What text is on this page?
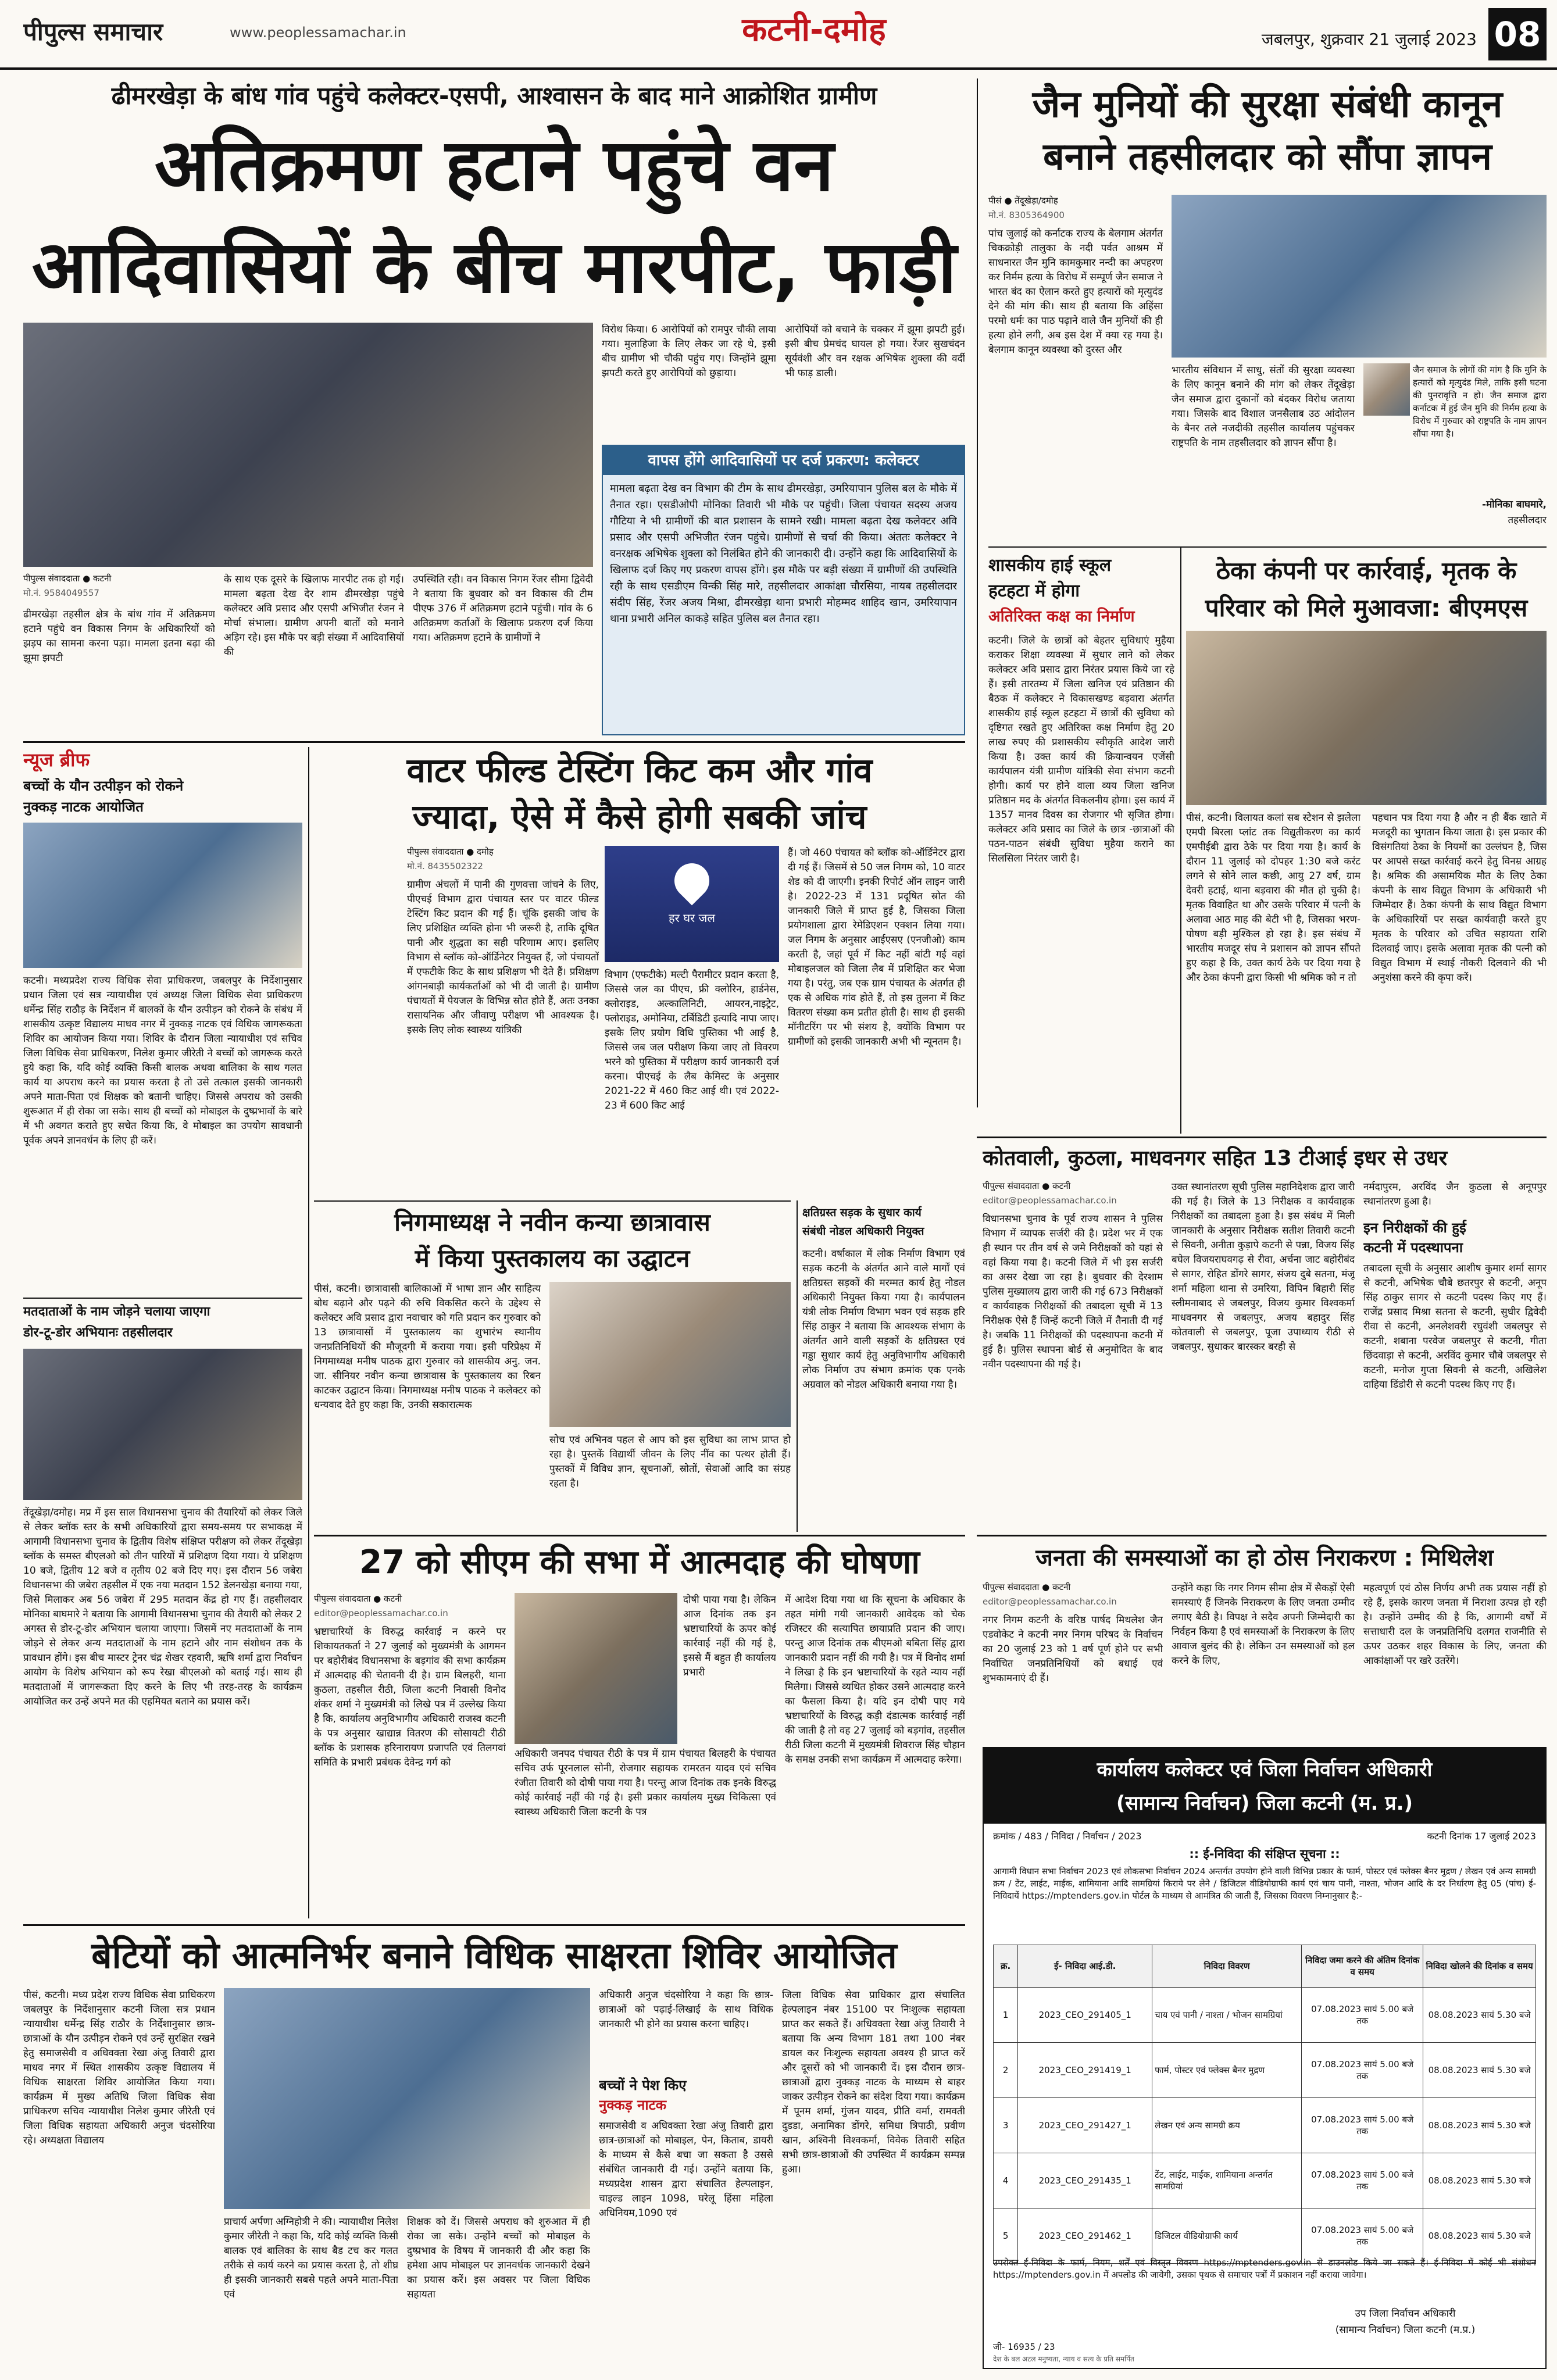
पीपुल्स समाचार	www.peoplessamachar.in	कटनी-दमोह	जबलपुर, शुक्रवार 21 जुलाई 2023 08
ढीमरखेड़ा के बांध गांव पहुंचे कलेक्टर-एसपी, आश्वासन के बाद माने आक्रोशित ग्रामीण
अतिक्रमण हटाने पहुंचे वन
आदिवासियों के बीच मारपीट, फाड़ी
पीपुल्स संवाददाता ● कटनी
मो.नं. 9584049557
ढीमरखेड़ा तहसील क्षेत्र के बांध गांव में अतिक्रमण हटाने पहुंचे वन विकास निगम के अधिकारियों को झड़प का सामना करना पड़ा। मामला इतना बढ़ा की झूमा झपटी
के साथ एक दूसरे के खिलाफ मारपीट तक हो गई। मामला बढ़ता देख देर शाम ढीमरखेड़ा पहुंचे कलेक्टर अवि प्रसाद और एसपी अभिजीत रंजन ने मोर्चा संभाला। ग्रामीण अपनी बातों को मनाने अड़िग रहे। इस मौके पर बड़ी संख्या में आदिवासियों की
उपस्थिति रही। वन विकास निगम रेंजर सीमा द्विवेदी ने बताया कि बुधवार को वन विकास की टीम पीएफ 376 में अतिक्रमण हटाने पहुंची। गांव के 6 अतिक्रमण कर्ताओं के खिलाफ प्रकरण दर्ज किया गया। अतिक्रमण हटाने के ग्रामीणों ने
विरोध किया। 6 आरोपियों को रामपुर चौकी लाया गया। मुलाहिजा के लिए लेकर जा रहे थे, इसी बीच ग्रामीण भी चौकी पहुंच गए। जिन्होंने झूमा झपटी करते हुए आरोपियों को छुड़ाया।
आरोपियों को बचाने के चक्कर में झूमा झपटी हुई। इसी बीच प्रेमचंद घायल हो गया। रेंजर सुखचंदन सूर्यवंशी और वन रक्षक अभिषेक शुक्ला की वर्दी भी फाड़ डाली।
वापस होंगे आदिवासियों पर दर्ज प्रकरण: कलेक्टर
मामला बढ़ता देख वन विभाग की टीम के साथ ढीमरखेड़ा, उमरियापान पुलिस बल के मौके में तैनात रहा। एसडीओपी मोनिका तिवारी भी मौके पर पहुंची। जिला पंचायत सदस्य अजय गौटिया ने भी ग्रामीणों की बात प्रशासन के सामने रखी। मामला बढ़ता देख कलेक्टर अवि प्रसाद और एसपी अभिजीत रंजन पहुंचे। ग्रामीणों से चर्चा की किया। अंततः कलेक्टर ने वनरक्षक अभिषेक शुक्ला को निलंबित होने की जानकारी दी। उन्होंने कहा कि आदिवासियों के खिलाफ दर्ज किए गए प्रकरण वापस होंगे। इस मौके पर बड़ी संख्या में ग्रामीणों की उपस्थिति रही के साथ एसडीएम विन्की सिंह मारे, तहसीलदार आकांक्षा चौरसिया, नायब तहसीलदार संदीप सिंह, रेंजर अजय मिश्रा, ढीमरखेड़ा थाना प्रभारी मोहम्मद शाहिद खान, उमरियापान थाना प्रभारी अनिल काकड़े सहित पुलिस बल तैनात रहा।
जैन मुनियों की सुरक्षा संबंधी कानून
बनाने तहसीलदार को सौंपा ज्ञापन
पीसं ● तेंदूखेड़ा/दमोह
मो.नं. 8305364900
पांच जुलाई को कर्नाटक राज्य के बेलगाम अंतर्गत चिकक्रोड़ी तालुका के नदी पर्वत आश्रम में साधनारत जैन मुनि कामकुमार नन्दी का अपहरण कर निर्मम हत्या के विरोध में सम्पूर्ण जैन समाज ने भारत बंद का ऐलान करते हुए हत्यारों को मृत्युदंड देने की मांग की। साथ ही बताया कि अहिंसा परमो धर्मः का पाठ पढ़ाने वाले जैन मुनियों की ही हत्या होने लगी, अब इस देश में क्या रह गया है। बेलगाम कानून व्यवस्था को दुरस्त और
भारतीय संविधान में साधु, संतों की सुरक्षा व्यवस्था के लिए कानून बनाने की मांग को लेकर तेंदूखेड़ा जैन समाज द्वारा दुकानों को बंदकर विरोध जताया गया। जिसके बाद विशाल जनसैलाब उठ आंदोलन के बैनर तले नजदीकी तहसील कार्यालय पहुंचकर राष्ट्रपति के नाम तहसीलदार को ज्ञापन सौंपा है।
जैन समाज के लोगों की मांग है कि मुनि के हत्यारों को मृत्युदंड मिले, ताकि इसी घटना की पुनरावृत्ति न हो। जैन समाज द्वारा कर्नाटक में हुई जैन मुनि की निर्मम हत्या के विरोध में गुरुवार को राष्ट्रपति के नाम ज्ञापन सौंपा गया है।
-मोनिका बाघमारे,
तहसीलदार
शासकीय हाई स्कूल
हटहटा में होगा
अतिरिक्त कक्ष का निर्माण
कटनी। जिले के छात्रों को बेहतर सुविधाएं मुहैया कराकर शिक्षा व्यवस्था में सुधार लाने को लेकर कलेक्टर अवि प्रसाद द्वारा निरंतर प्रयास किये जा रहे हैं। इसी तारतम्य में जिला खनिज एवं प्रतिष्ठान की बैठक में कलेक्टर ने विकासखण्ड बड़वारा अंतर्गत शासकीय हाई स्कूल हटहटा में छात्रों की सुविधा को दृष्टिगत रखते हुए अतिरिक्त कक्ष निर्माण हेतु 20 लाख रुपए की प्रशासकीय स्वीकृति आदेश जारी किया है। उक्त कार्य की क्रियान्वयन एजेंसी कार्यपालन यंत्री ग्रामीण यांत्रिकी सेवा संभाग कटनी होगी। कार्य पर होने वाला व्यय जिला खनिज प्रतिष्ठान मद के अंतर्गत विकलनीय होगा। इस कार्य में 1357 मानव दिवस का रोजगार भी सृजित होगा। कलेक्टर अवि प्रसाद का जिले के छात्र -छात्राओं की पठन-पाठन संबंधी सुविधा मुहैया कराने का सिलसिला निरंतर जारी है।
ठेका कंपनी पर कार्रवाई, मृतक के
परिवार को मिले मुआवजा: बीएमएस
पीसं, कटनी। विलायत कलां सब स्टेशन से झलेला एमपी बिरला प्लांट तक विद्युतीकरण का कार्य एमपीईबी द्वारा ठेके पर दिया गया है। कार्य के दौरान 11 जुलाई को दोपहर 1:30 बजे करंट लगने से सोने लाल कछी, आयु 27 वर्ष, ग्राम देवरी हटाई, थाना बड़वारा की मौत हो चुकी है। मृतक विवाहित था और उसके परिवार में पत्नी के अलावा आठ माह की बेटी भी है, जिसका भरण-पोषण बड़ी मुश्किल हो रहा है। इस संबंध में भारतीय मजदूर संघ ने प्रशासन को ज्ञापन सौंपते हुए कहा है कि, उक्त कार्य ठेके पर दिया गया है और ठेका कंपनी द्वारा किसी भी श्रमिक को न तो
पहचान पत्र दिया गया है और न ही बैंक खाते में मजदूरी का भुगतान किया जाता है। इस प्रकार की विसंगतियां ठेका के नियमों का उल्लंघन है, जिस पर आपसे सख्त कार्रवाई करने हेतु विनम्र आग्रह है। श्रमिक की असामयिक मौत के लिए ठेका कंपनी के साथ विद्युत विभाग के अधिकारी भी जिम्मेदार हैं। ठेका कंपनी के साथ विद्युत विभाग के अधिकारियों पर सख्त कार्यवाही करते हुए मृतक के परिवार को उचित सहायता राशि दिलवाई जाए। इसके अलावा मृतक की पत्नी को विद्युत विभाग में स्थाई नौकरी दिलवाने की भी अनुशंसा करने की कृपा करें।
न्यूज ब्रीफ
बच्चों के यौन उत्पीड़न को रोकने
नुक्कड़ नाटक आयोजित
कटनी। मध्यप्रदेश राज्य विधिक सेवा प्राधिकरण, जबलपुर के निर्देशानुसार प्रधान जिला एवं सत्र न्यायाधीश एवं अध्यक्ष जिला विधिक सेवा प्राधिकरण धर्मेन्द्र सिंह राठौड़ के निर्देशन में बालकों के यौन उत्पीड़न को रोकने के संबंध में शासकीय उत्कृष्ट विद्यालय माधव नगर में नुक्कड़ नाटक एवं विधिक जागरूकता शिविर का आयोजन किया गया। शिविर के दौरान जिला न्यायाधीश एवं सचिव जिला विधिक सेवा प्राधिकरण, निलेश कुमार जीरेती ने बच्चों को जागरूक करते हुये कहा कि, यदि कोई व्यक्ति किसी बालक अथवा बालिका के साथ गलत कार्य या अपराध करने का प्रयास करता है तो उसे तत्काल इसकी जानकारी अपने माता-पिता एवं शिक्षक को बतानी चाहिए। जिससे अपराध को उसकी शुरूआत में ही रोका जा सके। साथ ही बच्चों को मोबाइल के दुष्प्रभावों के बारे में भी अवगत कराते हुए सचेत किया कि, वे मोबाइल का उपयोग सावधानी पूर्वक अपने ज्ञानवर्धन के लिए ही करें।
मतदाताओं के नाम जोड़ने चलाया जाएगा
डोर-टू-डोर अभियानः तहसीलदार
तेंदूखेड़ा/दमोह। मप्र में इस साल विधानसभा चुनाव की तैयारियों को लेकर जिले से लेकर ब्लॉक स्तर के सभी अधिकारियों द्वारा समय-समय पर सभाकक्ष में आगामी विधानसभा चुनाव के द्वितीय विशेष संक्षिप्त परीक्षण को लेकर तेंदूखेड़ा ब्लॉक के समस्त बीएलओ को तीन पारियों में प्रशिक्षण दिया गया। ये प्रशिक्षण 10 बजे, द्वितीय 12 बजे व तृतीय 02 बजे दिए गए। इस दौरान 56 जबेरा विधानसभा की जबेरा तहसील में एक नया मतदान 152 डेलनखेड़ा बनाया गया, जिसे मिलाकर अब 56 जबेरा में 295 मतदान केंद्र हो गए हैं। तहसीलदार मोनिका बाघमारे ने बताया कि आगामी विधानसभा चुनाव की तैयारी को लेकर 2 अगस्त से डोर-टू-डोर अभियान चलाया जाएगा। जिसमें नए मतदाताओं के नाम जोड़ने से लेकर अन्य मतदाताओं के नाम हटाने और नाम संशोधन तक के प्रावधान होंगे। इस बीच मास्टर ट्रेनर चंद्र शेखर रहवारी, ऋषि शर्मा द्वारा निर्वाचन आयोग के विशेष अभियान को रूप रेखा बीएलओ को बताई गई। साथ ही मतदाताओं में जागरूकता दिए करने के लिए भी तरह-तरह के कार्यक्रम आयोजित कर उन्हें अपने मत की एहमियत बताने का प्रयास करें।
वाटर फील्ड टेस्टिंग किट कम और गांव
ज्यादा, ऐसे में कैसे होगी सबकी जांच
पीपुल्स संवाददाता ● दमोह
मो.नं. 8435502322
ग्रामीण अंचलों में पानी की गुणवत्ता जांचने के लिए, पीएचई विभाग द्वारा पंचायत स्तर पर वाटर फील्ड टेस्टिंग किट प्रदान की गई हैं। चूंकि इसकी जांच के लिए प्रशिक्षित व्यक्ति होना भी जरूरी है, ताकि दूषित पानी और शुद्धता का सही परिणाम आए। इसलिए विभाग से ब्लॉक को-ऑर्डिनेटर नियुक्त हैं, जो पंचायतों में एफटीके किट के साथ प्रशिक्षण भी देते हैं। प्रशिक्षण आंगनबाड़ी कार्यकर्ताओं को भी दी जाती है। ग्रामीण पंचायतों में पेयजल के विभिन्न स्रोत होते हैं, अतः उनका रासायनिक और जीवाणु परीक्षण भी आवश्यक है। इसके लिए लोक स्वास्थ्य यांत्रिकी
हर घर जल
विभाग (एफटीके) मल्टी पैरामीटर प्रदान करता है, जिससे जल का पीएच, फ्री क्लोरिन, हार्डनेस, क्लोराइड, अल्कालिनिटी, आयरन,नाइट्रेट, फ्लोराइड, अमोनिया, टर्बिडिटी इत्यादि नापा जाए। इसके लिए प्रयोग विधि पुस्तिका भी आई है, जिससे जब जल परीक्षण किया जाए तो विवरण भरने को पुस्तिका में परीक्षण कार्य जानकारी दर्ज करना। पीएचई के लैब केमिस्ट के अनुसार 2021-22 में 460 किट आई थी। एवं 2022-23 में 600 किट आई
हैं। जो 460 पंचायत को ब्लॉक को-ऑर्डिनेटर द्वारा दी गई हैं। जिसमें से 50 जल निगम को, 10 वाटर शेड को दी जाएगी। इनकी रिपोर्ट ऑन लाइन जारी है। 2022-23 में 131 प्रदूषित स्रोत की जानकारी जिले में प्राप्त हुई है, जिसका जिला प्रयोगशाला द्वारा रेमेडिएशन एक्शन लिया गया। जल निगम के अनुसार आईएसए (एनजीओ) काम करती है, जहां पूर्व में किट नहीं बांटी गई वहां मोबाइलजल को जिला लैब में प्रशिक्षित कर भेजा गया है। परंतु, जब एक ग्राम पंचायत के अंतर्गत ही एक से अधिक गांव होते हैं, तो इस तुलना में किट वितरण संख्या कम प्रतीत होती है। साथ ही इसकी मॉनीटरिंग पर भी संशय है, क्योंकि विभाग पर ग्रामीणों को इसकी जानकारी अभी भी न्यूनतम है।
निगमाध्यक्ष ने नवीन कन्या छात्रावास
में किया पुस्तकालय का उद्घाटन
पीसं, कटनी। छात्रावासी बालिकाओं में भाषा ज्ञान और साहित्य बोध बढ़ाने और पढ़ने की रुचि विकसित करने के उद्देश्य से कलेक्टर अवि प्रसाद द्वारा नवाचार को गति प्रदान कर गुरुवार को 13 छात्रावासों में पुस्तकालय का शुभारंभ स्थानीय जनप्रतिनिधियों की मौजूदगी में कराया गया। इसी परिप्रेक्ष्य में निगमाध्यक्ष मनीष पाठक द्वारा गुरुवार को शासकीय अनु. जन. जा. सीनियर नवीन कन्या छात्रावास के पुस्तकालय का रिबन काटकर उद्घाटन किया। निगमाध्यक्ष मनीष पाठक ने कलेक्टर को धन्यवाद देते हुए कहा कि, उनकी सकारात्मक
सोच एवं अभिनव पहल से आप को इस सुविधा का लाभ प्राप्त हो रहा है। पुस्तकें विद्यार्थी जीवन के लिए नींव का पत्थर होती हैं। पुस्तकों में विविध ज्ञान, सूचनाओं, स्रोतों, सेवाओं आदि का संग्रह रहता है।
क्षतिग्रस्त सड़क के सुधार कार्य
संबंधी नोडल अधिकारी नियुक्त
कटनी। वर्षाकाल में लोक निर्माण विभाग एवं सड़क कटनी के अंतर्गत आने वाले मार्गों एवं क्षतिग्रस्त सड़कों की मरम्मत कार्य हेतु नोडल अधिकारी नियुक्त किया गया है। कार्यपालन यंत्री लोक निर्माण विभाग भवन एवं सड़क हरि सिंह ठाकुर ने बताया कि आवश्यक संभाग के अंतर्गत आने वाली सड़कों के क्षतिग्रस्त एवं गड्ढा सुधार कार्य हेतु अनुविभागीय अधिकारी लोक निर्माण उप संभाग क्रमांक एक एनके अग्रवाल को नोडल अधिकारी बनाया गया है।
कोतवाली, कुठला, माधवनगर सहित 13 टीआई इधर से उधर
पीपुल्स संवाददाता ● कटनी
editor@peoplessamachar.co.in
विधानसभा चुनाव के पूर्व राज्य शासन ने पुलिस विभाग में व्यापक सर्जरी की है। प्रदेश भर में एक ही स्थान पर तीन वर्ष से जमे निरीक्षकों को यहां से वहां किया गया है। कटनी जिले में भी इस सर्जरी का असर देखा जा रहा है। बुधवार की देरशाम पुलिस मुख्यालय द्वारा जारी की गई 673 निरीक्षकों व कार्यवाहक निरीक्षकों की तबादला सूची में 13 निरीक्षक ऐसे हैं जिन्हें कटनी जिले में तैनाती दी गई है। जबकि 11 निरीक्षकों की पदस्थापना कटनी में हुई है। पुलिस स्थापना बोर्ड से अनुमोदित के बाद नवीन पदस्थापना की गई है।
उक्त स्थानांतरण सूची पुलिस महानिदेशक द्वारा जारी की गई है। जिले के 13 निरीक्षक व कार्यवाहक निरीक्षकों का तबादला हुआ है। इस संबंध में मिली जानकारी के अनुसार निरीक्षक सतीश तिवारी कटनी से सिवनी, अनीता कुड़ापे कटनी से पन्ना, विजय सिंह बघेल विजयराघवगढ़ से रीवा, अर्चना जाट बहोरीबंद से सागर, रोहित डोंगरे सागर, संजय दुबे सतना, मंजू शर्मा महिला थाना से उमरिया, विपिन बिहारी सिंह स्लीमनाबाद से जबलपुर, विजय कुमार विश्वकर्मा माधवनगर से जबलपुर, अजय बहादुर सिंह कोतवाली से जबलपुर, पूजा उपाध्याय रीठी से जबलपुर, सुधाकर बारस्कर बरही से
नर्मदापुरम, अरविंद जैन कुठला से अनूपपुर स्थानांतरण हुआ है।
इन निरीक्षकों की हुई
कटनी में पदस्थापना
तबादला सूची के अनुसार आशीष कुमार शर्मा सागर से कटनी, अभिषेक चौबे छतरपुर से कटनी, अनूप सिंह ठाकुर सागर से कटनी पदस्थ किए गए हैं। राजेंद्र प्रसाद मिश्रा सतना से कटनी, सुधीर द्विवेदी रीवा से कटनी, अनलेशवरी रघुवंशी जबलपुर से कटनी, शबाना परवेज जबलपुर से कटनी, गीता छिंदवाड़ा से कटनी, अरविंद कुमार चौबे जबलपुर से कटनी, मनोज गुप्ता सिवनी से कटनी, अखिलेश दाहिया डिंडोरी से कटनी पदस्थ किए गए हैं।
27 को सीएम की सभा में आत्मदाह की घोषणा
पीपुल्स संवाददाता ● कटनी
editor@peoplessamachar.co.in
भ्रष्टाचारियों के विरुद्ध कार्रवाई न करने पर शिकायतकर्ता ने 27 जुलाई को मुख्यमंत्री के आगमन पर बहोरीबंद विधानसभा के बड़गांव की सभा कार्यक्रम में आत्मदाह की चेतावनी दी है। ग्राम बिलहरी, थाना कुठला, तहसील रीठी, जिला कटनी निवासी विनोद शंकर शर्मा ने मुख्यमंत्री को लिखे पत्र में उल्लेख किया है कि, कार्यालय अनुविभागीय अधिकारी राजस्व कटनी के पत्र अनुसार खाद्यान्न वितरण की सोसायटी रीठी ब्लॉक के प्रशासक हरिनारायण प्रजापति एवं तिलगवां समिति के प्रभारी प्रबंधक देवेन्द्र गर्ग को
दोषी पाया गया है। लेकिन आज दिनांक तक इन भ्रष्टाचारियों के ऊपर कोई कार्रवाई नहीं की गई है, इससे मैं बहुत ही कार्यालय प्रभारी
अधिकारी जनपद पंचायत रीठी के पत्र में ग्राम पंचायत बिलहरी के पंचायत सचिव उर्फ पूरनलाल सोनी, रोजगार सहायक रामरतन यादव एवं सचिव रंजीता तिवारी को दोषी पाया गया है। परन्तु आज दिनांक तक इनके विरुद्ध कोई कार्रवाई नहीं की गई है। इसी प्रकार कार्यालय मुख्य चिकित्सा एवं स्वास्थ्य अधिकारी जिला कटनी के पत्र
में आदेश दिया गया था कि सूचना के अधिकार के तहत मांगी गयी जानकारी आवेदक को चेक रजिस्टर की सत्यापित छायाप्रति प्रदान की जाए। परन्तु आज दिनांक तक बीएमओ बबिता सिंह द्वारा जानकारी प्रदान नहीं की गयी है। पत्र में विनोद शर्मा ने लिखा है कि इन भ्रष्टाचारियों के रहते न्याय नहीं मिलेगा। जिससे व्यथित होकर उसने आत्मदाह करने का फैसला किया है। यदि इन दोषी पाए गये भ्रष्टाचारियों के विरुद्ध कड़ी दंडात्मक कार्रवाई नहीं की जाती है तो वह 27 जुलाई को बड़गांव, तहसील रीठी जिला कटनी में मुख्यमंत्री शिवराज सिंह चौहान के समक्ष उनकी सभा कार्यक्रम में आत्मदाह करेगा।
जनता की समस्याओं का हो ठोस निराकरण : मिथिलेश
पीपुल्स संवाददाता ● कटनी
editor@peoplessamachar.co.in
नगर निगम कटनी के वरिष्ठ पार्षद मिथलेश जैन एडवोकेट ने कटनी नगर निगम परिषद के निर्वाचन का 20 जुलाई 23 को 1 वर्ष पूर्ण होने पर सभी निर्वाचित जनप्रतिनिधियों को बधाई एवं शुभकामनाएं दी हैं।
उन्होंने कहा कि नगर निगम सीमा क्षेत्र में सैकड़ों ऐसी समस्याएं हैं जिनके निराकरण के लिए जनता उम्मीद लगाए बैठी है। विपक्ष ने सदैव अपनी जिम्मेदारी का निर्वहन किया है एवं समस्याओं के निराकरण के लिए आवाज बुलंद की है। लेकिन उन समस्याओं को हल करने के लिए,
महत्वपूर्ण एवं ठोस निर्णय अभी तक प्रयास नहीं हो रहे हैं, इसके कारण जनता में निराशा उत्पन्न हो रही है। उन्होंने उम्मीद की है कि, आगामी वर्षों में सत्ताधारी दल के जनप्रतिनिधि दलगत राजनीति से ऊपर उठकर शहर विकास के लिए, जनता की आकांक्षाओं पर खरे उतरेंगे।
कार्यालय कलेक्टर एवं जिला निर्वाचन अधिकारी
(सामान्य निर्वाचन) जिला कटनी (म. प्र.)
क्रमांक / 483 / निविदा / निर्वाचन / 2023	कटनी दिनांक 17 जुलाई 2023
:: ई-निविदा की संक्षिप्त सूचना ::
आगामी विधान सभा निर्वाचन 2023 एवं लोकसभा निर्वाचन 2024 अन्तर्गत उपयोग होने वाली विभिन्न प्रकार के फार्म, पोस्टर एवं फ्लेक्स बैनर मुद्रण / लेखन एवं अन्य सामग्री क्रय / टेंट, लाईट, माईक, शामियाना आदि सामग्रियां किराये पर लेने / डिजिटल वीडियोग्राफी कार्य एवं चाय पानी, नाश्ता, भोजन आदि के दर निर्धारण हेतु 05 (पांच) ई- निविदायें https://mptenders.gov.in पोर्टल के माध्यम से आमंत्रित की जाती हैं, जिसका विवरण निम्नानुसार है:-
क्र.	ई- निविदा आई.डी.	निविदा विवरण	निविदा जमा करने की अंतिम दिनांक व समय	निविदा खोलने की दिनांक व समय
1	2023_CEO_291405_1	चाय एवं पानी / नाश्ता / भोजन सामग्रियां	07.08.2023 सायं 5.00 बजे तक	08.08.2023 सायं 5.30 बजे
2	2023_CEO_291419_1	फार्म, पोस्टर एवं फ्लेक्स बैनर मुद्रण	07.08.2023 सायं 5.00 बजे तक	08.08.2023 सायं 5.30 बजे
3	2023_CEO_291427_1	लेखन एवं अन्य सामग्री क्रय	07.08.2023 सायं 5.00 बजे तक	08.08.2023 सायं 5.30 बजे
4	2023_CEO_291435_1	टेंट, लाईट, माईक, शामियाना अन्तर्गत सामग्रियां	07.08.2023 सायं 5.00 बजे तक	08.08.2023 सायं 5.30 बजे
5	2023_CEO_291462_1	डिजिटल वीडियोग्राफी कार्य	07.08.2023 सायं 5.00 बजे तक	08.08.2023 सायं 5.30 बजे
उपरोक्त ई-निविदा के फार्म, नियम, शर्तें एवं विस्तृत विवरण https://mptenders.gov.in से डाउनलोड किये जा सकते हैं। ई-निविदा में कोई भी संशोधन https://mptenders.gov.in में अपलोड की जावेगी, उसका पृथक से समाचार पत्रों में प्रकाशन नहीं कराया जावेगा।
उप जिला निर्वाचन अधिकारी
(सामान्य निर्वाचन) जिला कटनी (म.प्र.)
जी- 16935 / 23
देश के बल अटल मनुष्यता, न्याय व सत्य के प्रति समर्पित
बेटियों को आत्मनिर्भर बनाने विधिक साक्षरता शिविर आयोजित
पीसं, कटनी। मध्य प्रदेश राज्य विधिक सेवा प्राधिकरण जबलपुर के निर्देशानुसार कटनी जिला सत्र प्रधान न्यायाधीश धर्मेन्द्र सिंह राठौर के निर्देशानुसार छात्र-छात्राओं के यौन उत्पीड़न रोकने एवं उन्हें सुरक्षित रखने हेतु समाजसेवी व अधिवक्ता रेखा अंजु तिवारी द्वारा माधव नगर में स्थित शासकीय उत्कृष्ट विद्यालय में विधिक साक्षरता शिविर आयोजित किया गया। कार्यक्रम में मुख्य अतिथि जिला विधिक सेवा प्राधिकरण सचिव न्यायाधीश निलेश कुमार जीरेती एवं जिला विधिक सहायता अधिकारी अनुज चंदसोरिया रहे। अध्यक्षता विद्यालय
प्राचार्य अर्पणा अग्निहोत्री ने की। न्यायाधीश निलेश कुमार जीरेती ने कहा कि, यदि कोई व्यक्ति किसी बालक एवं बालिका के साथ बैड टच कर गलत तरीके से कार्य करने का प्रयास करता है, तो शीघ्र ही इसकी जानकारी सबसे पहले अपने माता-पिता एवं
शिक्षक को दें। जिससे अपराध को शुरुआत में ही रोका जा सके। उन्होंने बच्चों को मोबाइल के दुष्प्रभाव के विषय में जानकारी दी और कहा कि हमेशा आप मोबाइल पर ज्ञानवर्धक जानकारी देखने का प्रयास करें। इस अवसर पर जिला विधिक सहायता
अधिकारी अनुज चंदसोरिया ने कहा कि छात्र-छात्राओं को पढ़ाई-लिखाई के साथ विधिक जानकारी भी होने का प्रयास करना चाहिए।
बच्चों ने पेश किए
नुक्कड़ नाटक
समाजसेवी व अधिवक्ता रेखा अंजु तिवारी द्वारा छात्र-छात्राओं को मोबाइल, पेन, किताब, डायरी के माध्यम से कैसे बचा जा सकता है उससे संबंधित जानकारी दी गई। उन्होंने बताया कि, मध्यप्रदेश शासन द्वारा संचालित हेल्पलाइन, चाइल्ड लाइन 1098, घरेलू हिंसा महिला अधिनियम,1090 एवं
जिला विधिक सेवा प्राधिकार द्वारा संचालित हेल्पलाइन नंबर 15100 पर निःशुल्क सहायता प्राप्त कर सकते हैं। अधिवक्ता रेखा अंजु तिवारी ने बताया कि अन्य विभाग 181 तथा 100 नंबर डायल कर निःशुल्क सहायता अवश्य ही प्राप्त करें और दूसरों को भी जानकारी दें। इस दौरान छात्र-छात्राओं द्वारा नुक्कड़ नाटक के माध्यम से बाहर जाकर उत्पीड़न रोकने का संदेश दिया गया। कार्यक्रम में पूनम शर्मा, गुंजन यादव, प्रीति वर्मा, रामवती दुडडा, अनामिका डोंगरे, समिधा त्रिपाठी, प्रवीण खान, अश्विनी विश्वकर्मा, विवेक तिवारी सहित सभी छात्र-छात्राओं की उपस्थित में कार्यक्रम सम्पन्न हुआ।
